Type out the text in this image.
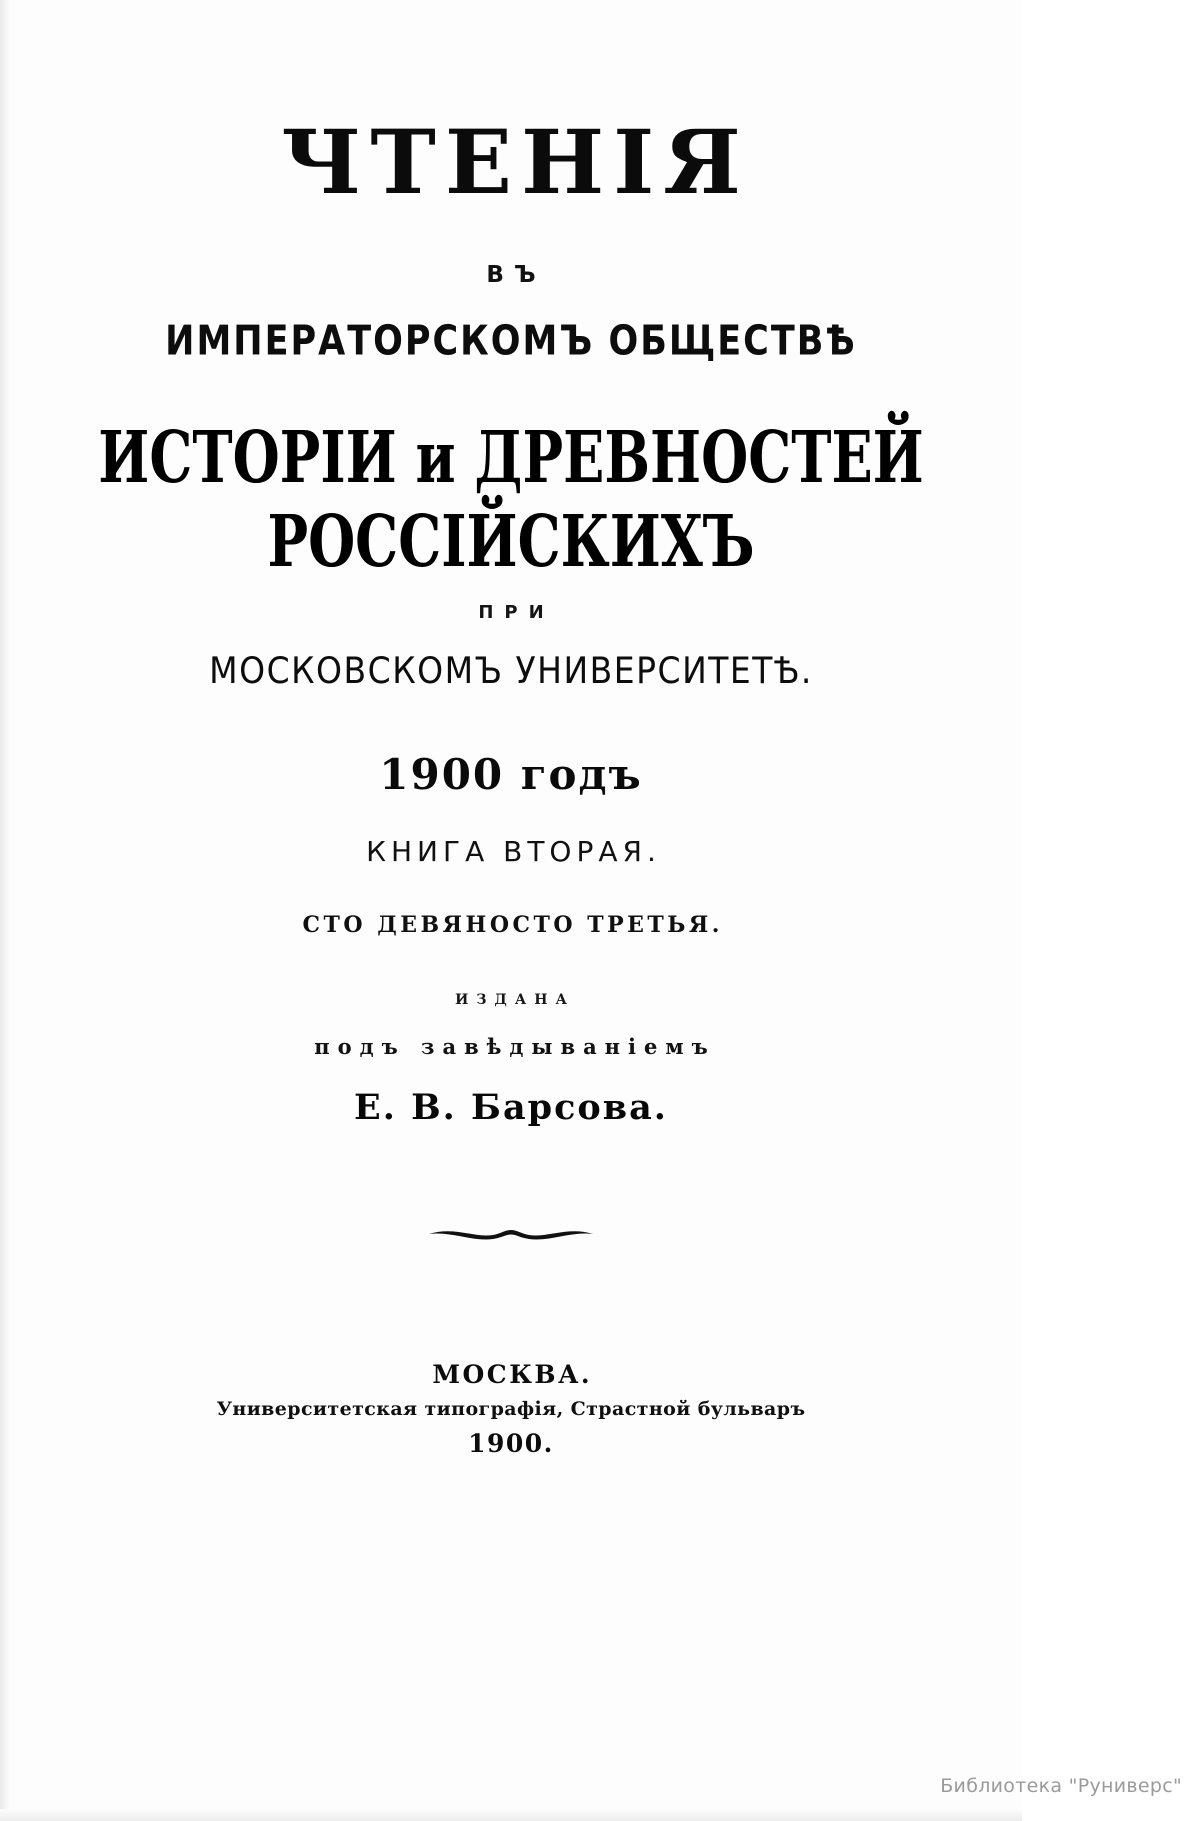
ЧТЕНІЯ
ВЪ
ИМПЕРАТОРСКОМЪ ОБЩЕСТВѢ
ИСТОРІИ и ДРЕВНОСТЕЙ РОССІЙСКИХЪ
ПРИ
МОСКОВСКОМЪ УНИВЕРСИТЕТѢ.
1900 годъ
КНИГА ВТОРАЯ.
СТО ДЕВЯНОСТО ТРЕТЬЯ.
ИЗДАНА
подъ завѣдываніемъ
Е. В. Барсова.
МОСКВА.
Университетская типографія, Страстной бульваръ
1900.
Библиотека "Руниверс"
